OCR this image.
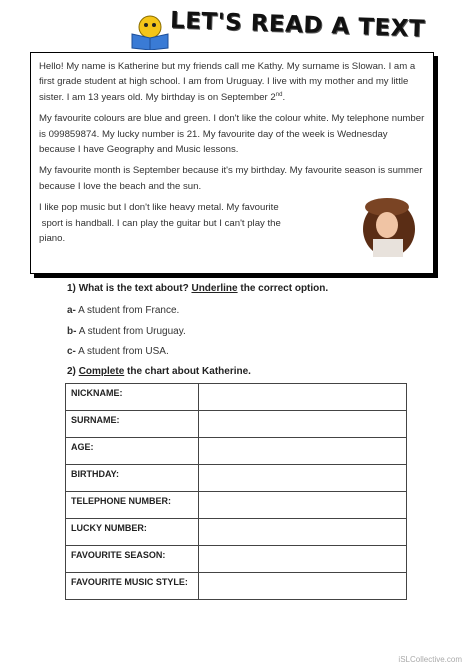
LET'S READ A TEXT

Hello! My name is Katherine but my friends call me Kathy. My surname is Slowan. I am a first grade student at high school. I am from Uruguay. I live with my mother and my little sister. I am 13 years old. My birthday is on September 2nd.

My favourite colours are blue and green. I don't like the colour white. My telephone number is 099859874. My lucky number is 21. My favourite day of the week is Wednesday because I have Geography and Music lessons.

My favourite month is September because it's my birthday. My favourite season is summer because I love the beach and the sun.

I like pop music but I don't like heavy metal. My favourite
sport is handball. I can play the guitar but I can't play the piano.

1) What is the text about? Underline the correct option.
a- A student from France.
b- A student from Uruguay.
c- A student from USA.
2) Complete the chart about Katherine.
NICKNAME:	
SURNAME:	
AGE:	
BIRTHDAY:	
TELEPHONE NUMBER:	
LUCKY NUMBER:	
FAVOURITE SEASON:	
FAVOURITE MUSIC STYLE:	
iSLCollective.com
